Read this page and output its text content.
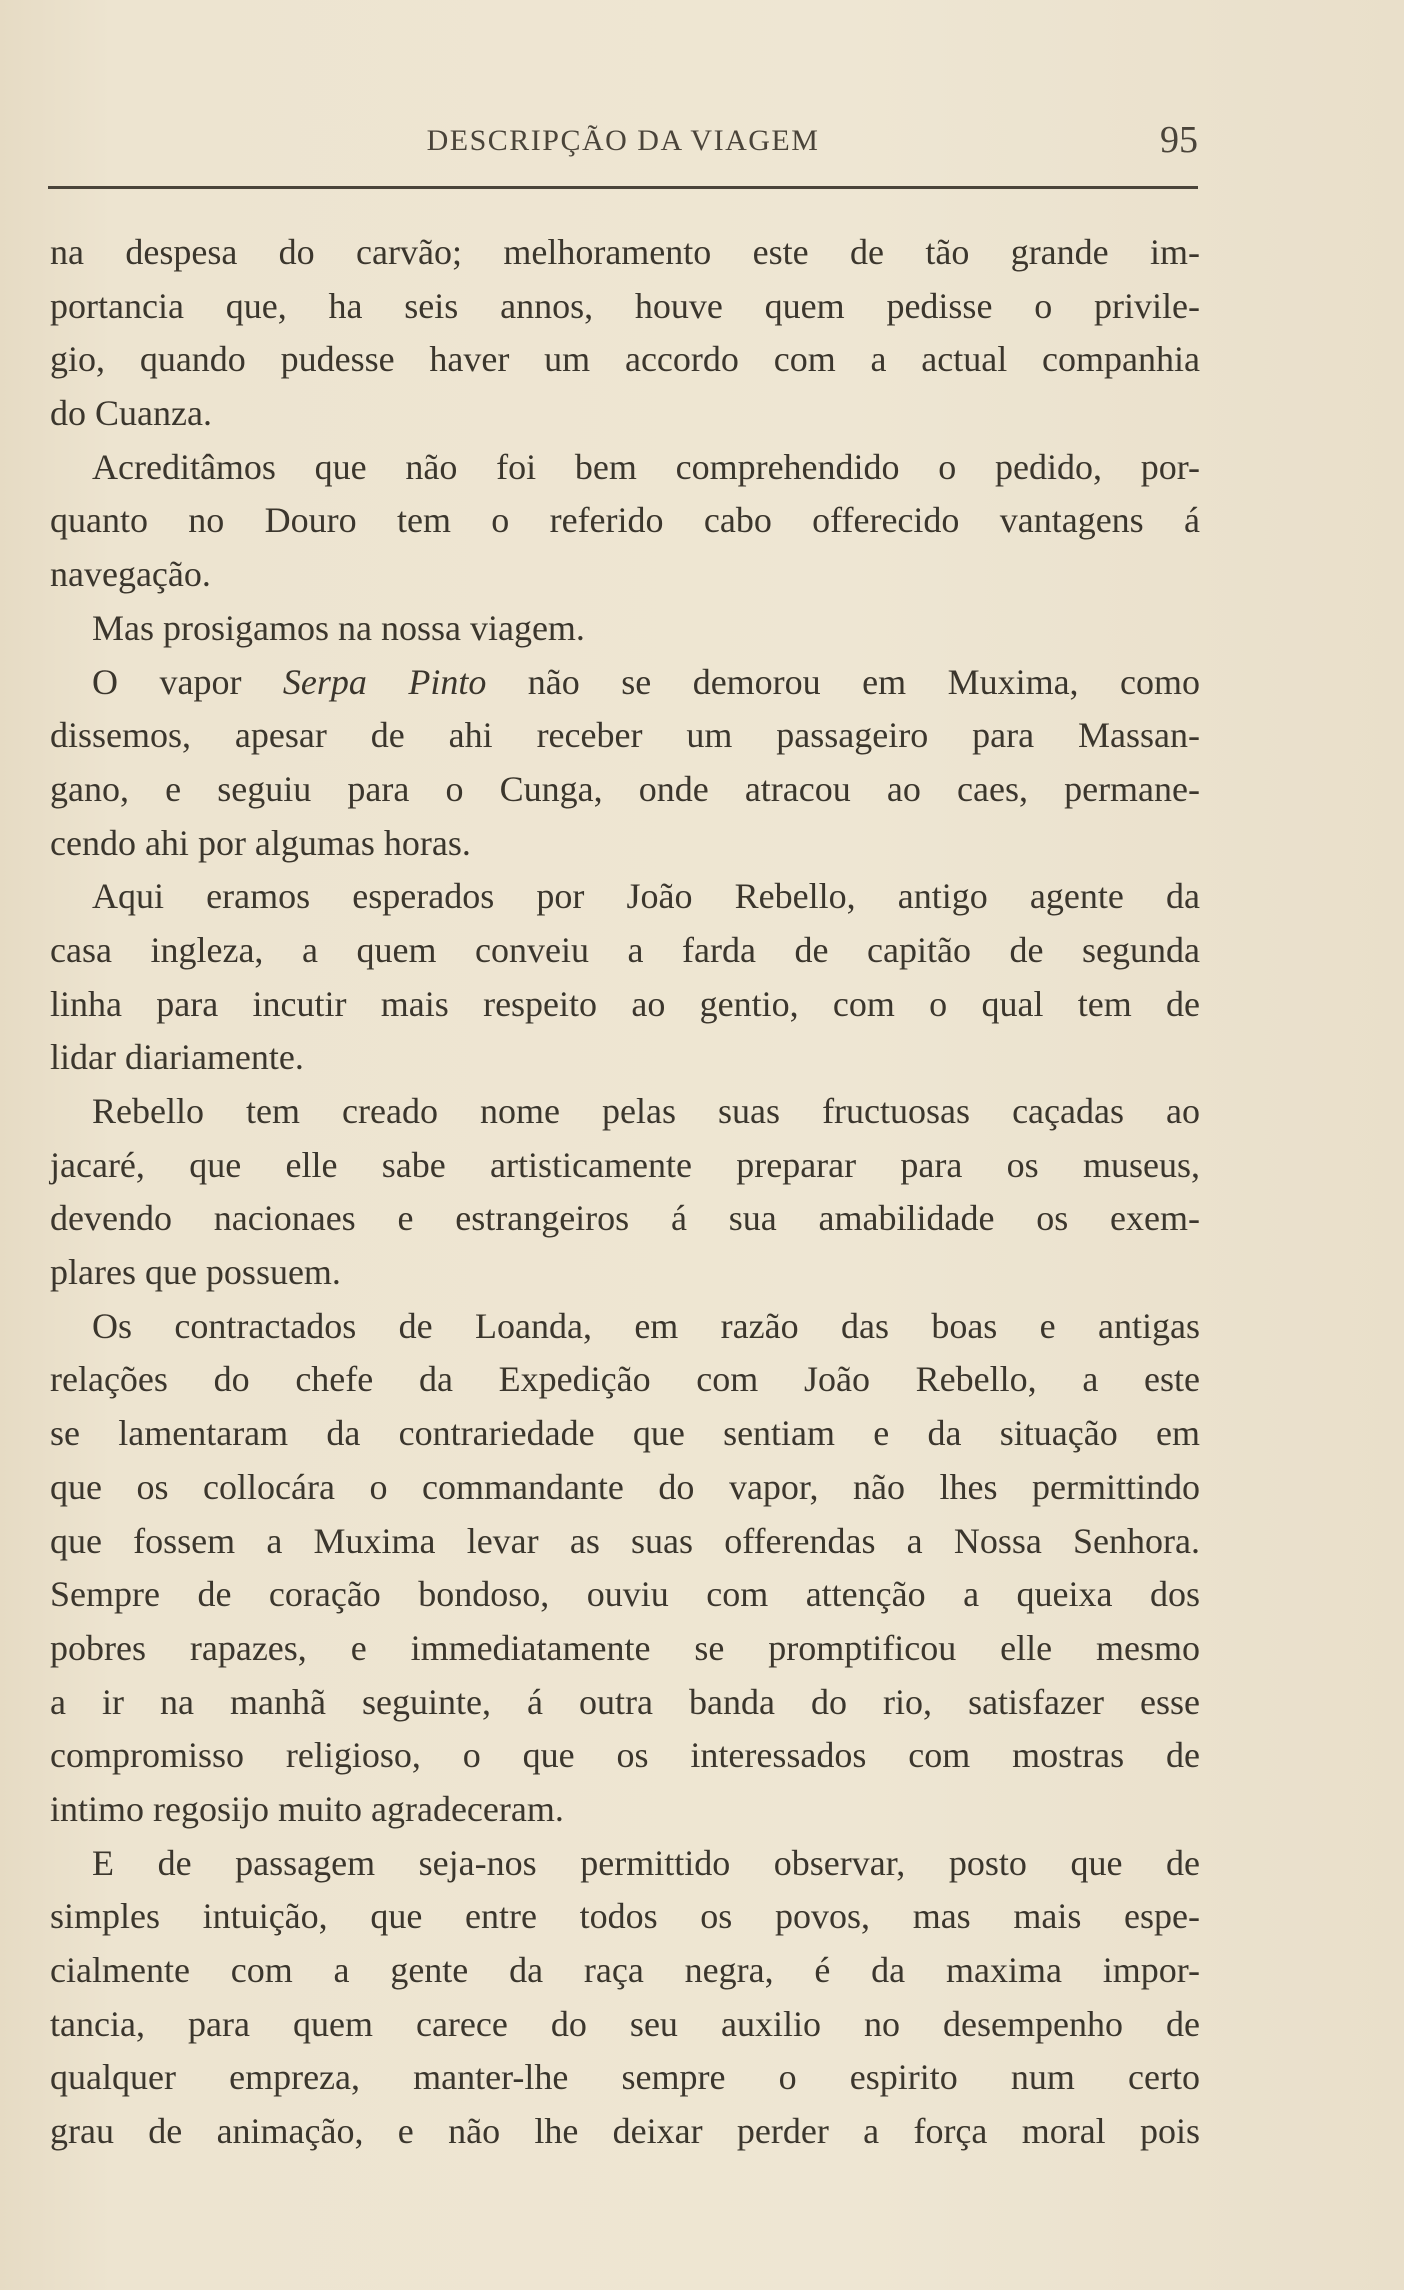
DESCRIPÇÃO DA VIAGEM	95
na despesa do carvão; melhoramento este de tão grande im-
portancia que, ha seis annos, houve quem pedisse o privile-
gio, quando pudesse haver um accordo com a actual companhia
do Cuanza.
Acreditâmos que não foi bem comprehendido o pedido, por-
quanto no Douro tem o referido cabo offerecido vantagens á
navegação.
Mas prosigamos na nossa viagem.
O vapor Serpa Pinto não se demorou em Muxima, como
dissemos, apesar de ahi receber um passageiro para Massan-
gano, e seguiu para o Cunga, onde atracou ao caes, permane-
cendo ahi por algumas horas.
Aqui eramos esperados por João Rebello, antigo agente da
casa ingleza, a quem conveiu a farda de capitão de segunda
linha para incutir mais respeito ao gentio, com o qual tem de
lidar diariamente.
Rebello tem creado nome pelas suas fructuosas caçadas ao
jacaré, que elle sabe artisticamente preparar para os museus,
devendo nacionaes e estrangeiros á sua amabilidade os exem-
plares que possuem.
Os contractados de Loanda, em razão das boas e antigas
relações do chefe da Expedição com João Rebello, a este
se lamentaram da contrariedade que sentiam e da situação em
que os collocára o commandante do vapor, não lhes permittindo
que fossem a Muxima levar as suas offerendas a Nossa Senhora.
Sempre de coração bondoso, ouviu com attenção a queixa dos
pobres rapazes, e immediatamente se promptificou elle mesmo
a ir na manhã seguinte, á outra banda do rio, satisfazer esse
compromisso religioso, o que os interessados com mostras de
intimo regosijo muito agradeceram.
E de passagem seja-nos permittido observar, posto que de
simples intuição, que entre todos os povos, mas mais espe-
cialmente com a gente da raça negra, é da maxima impor-
tancia, para quem carece do seu auxilio no desempenho de
qualquer empreza, manter-lhe sempre o espirito num certo
grau de animação, e não lhe deixar perder a força moral pois
